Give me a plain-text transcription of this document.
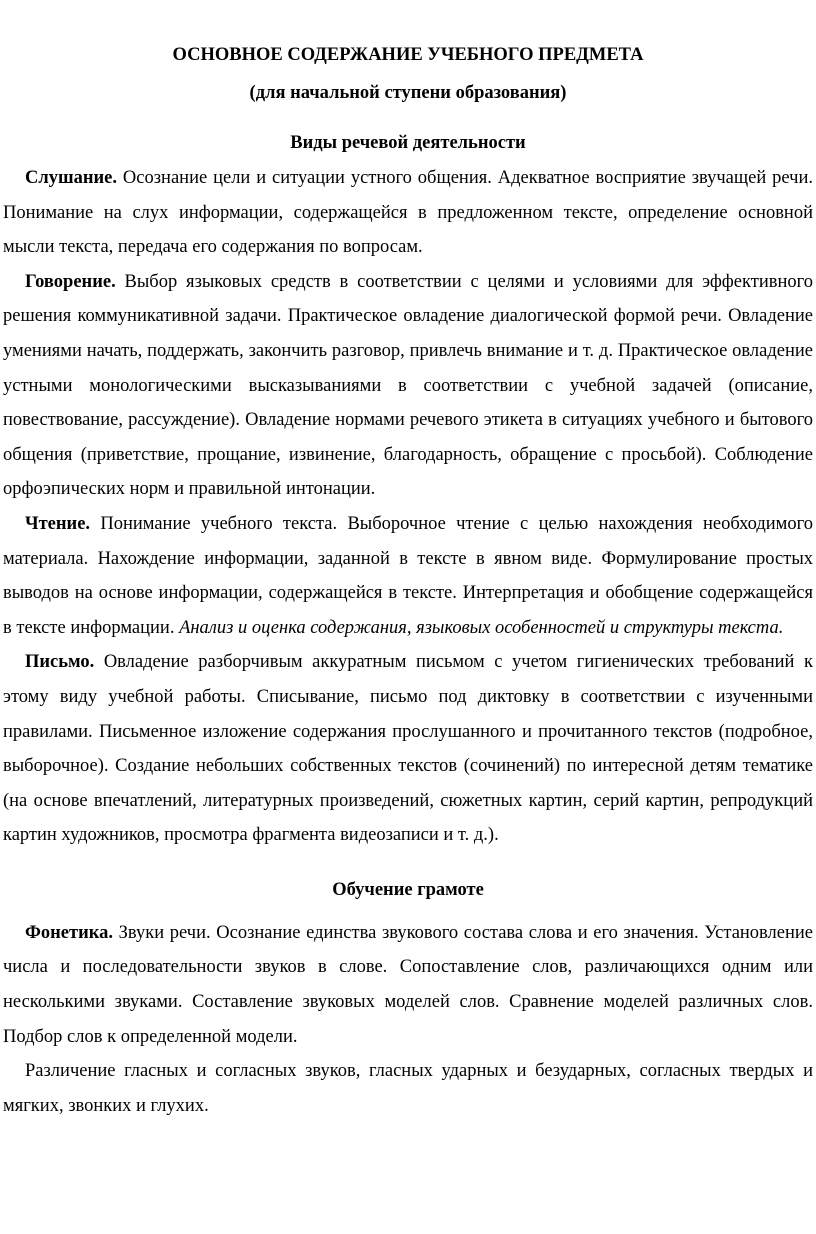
ОСНОВНОЕ СОДЕРЖАНИЕ УЧЕБНОГО ПРЕДМЕТА

(для начальной ступени образования)

Виды речевой деятельности

Слушание. Осознание цели и ситуации устного общения. Адекватное восприятие звучащей речи. Понимание на слух информации, содержащейся в предложенном тексте, определение основной мысли текста, передача его содержания по вопросам.

Говорение. Выбор языковых средств в соответствии с целями и условиями для эффективного решения коммуникативной задачи. Практическое овладение диалогической формой речи. Овладение умениями начать, поддержать, закончить разговор, привлечь внимание и т. д. Практическое овладение устными монологическими высказываниями в соответствии с учебной задачей (описание, повествование, рассуждение). Овладение нормами речевого этикета в ситуациях учебного и бытового общения (приветствие, прощание, извинение, благодарность, обращение с просьбой). Соблюдение орфоэпических норм и правильной интонации.

Чтение. Понимание учебного текста. Выборочное чтение с целью нахождения необходимого материала. Нахождение информации, заданной в тексте в явном виде. Формулирование простых выводов на основе информации, содержащейся в тексте. Интерпретация и обобщение содержащейся в тексте информации. Анализ и оценка содержания, языковых особенностей и структуры текста.

Письмо. Овладение разборчивым аккуратным письмом с учетом гигиенических требований к этому виду учебной работы. Списывание, письмо под диктовку в соответствии с изученными правилами. Письменное изложение содержания прослушанного и прочитанного текстов (подробное, выборочное). Создание небольших собственных текстов (сочинений) по интересной детям тематике (на основе впечатлений, литературных произведений, сюжетных картин, серий картин, репродукций картин художников, просмотра фрагмента видеозаписи и т. д.).

Обучение грамоте

Фонетика. Звуки речи. Осознание единства звукового состава слова и его значения. Установление числа и последовательности звуков в слове. Сопоставление слов, различающихся одним или несколькими звуками. Составление звуковых моделей слов. Сравнение моделей различных слов. Подбор слов к определенной модели.

Различение гласных и согласных звуков, гласных ударных и безударных, согласных твердых и мягких, звонких и глухих.
